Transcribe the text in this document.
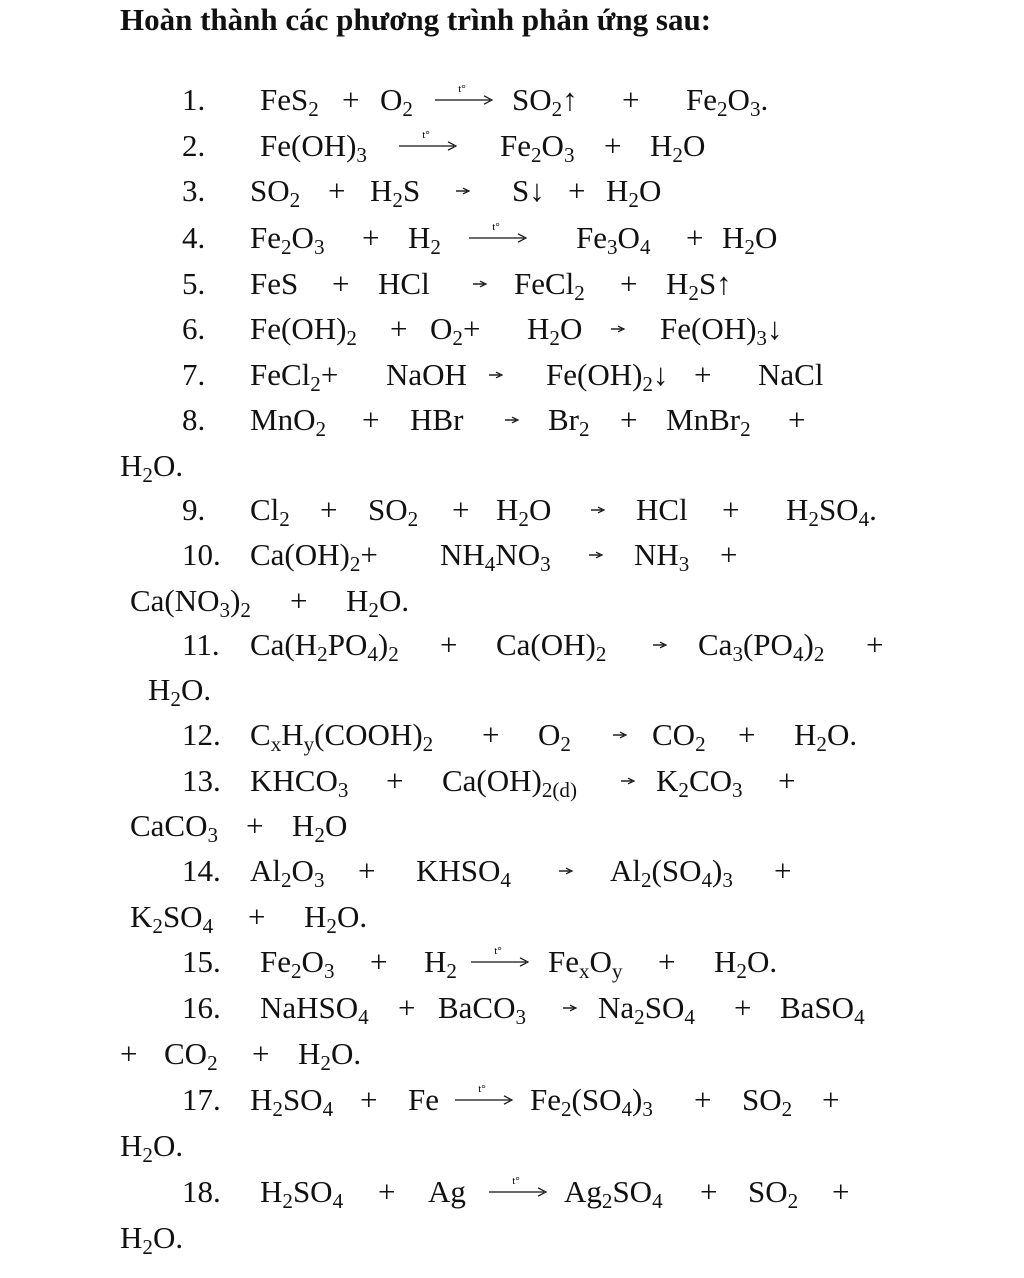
Hoàn thành các phương trình phản ứng sau:
1. $FeS_2 + O_2$
t° $SO_2↑ + Fe_2O_3$.
2. $Fe(OH)_3$
t° $Fe_2O_3 + H_2O$
3. $SO_2 + H_2S$ → S↓ + $H_2O$
4. $Fe_2O_3 + H_2$
t° $Fe_3O_4 + H_2O$
5. FeS + HCl → FeCl$_2$ + $H_2S↑$
6. $Fe(OH)_2 + O_2+ H_2O$ → $Fe(OH)_3↓$
7. FeCl$_2$+ NaOH → $Fe(OH)_2↓$ + NaCl
8. MnO$_2$ + HBr → $Br_2$ + MnBr$_2$ +
$H_2O$.
9. $Cl_2 + SO_2 + H_2O$ → HCl + $H_2SO_4$.
10. $Ca(OH)_2+ NH_4NO_3 \to NH_3$ +
$Ca(NO_3)_2 + H_2O$.
11. $Ca(H_2PO_4)_2 + Ca(OH)_2 \to Ca_3(PO_4)_2$ +
$H_2O$.
12. $C_xH_y(COOH)_2 + O_2 \to CO_2 + H_2O$.
13. $KHCO_3 + Ca(OH)_{2(d)} \to K_2CO_3$ +
CaCO$_3$ + $H_2O$
14. $Al_2O_3$ + $KHSO_4 \to Al_2(SO_4)_3$ +
$K_2SO_4 + H_2O$.
15. $Fe_2O_3 + H_2$
t° $Fe_xO_y + H_2O$.
16. NaHSO$_4$ + BaCO$_3$ → $Na_2SO_4$ + BaSO$_4$
+ $CO_2 + H_2O$.
17. $H_2SO_4 + Fe$	t° $Fe_2(SO_4)_3 + SO_2$ +
$H_2O$.
18. $H_2SO_4 + Ag$	t° $Ag_2SO_4 + SO_2$ +
$H_2O$.
